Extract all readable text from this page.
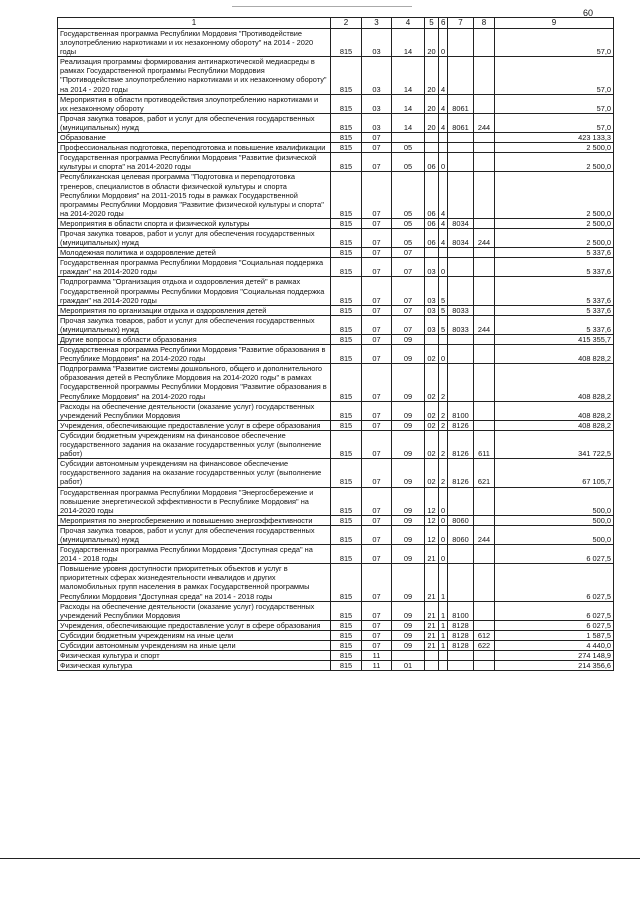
60
1	2	3	4	5	6	7	8	9
Государственная программа Республики Мордовия "Противодействие злоупотреблению наркотиками и их незаконному обороту" на 2014 - 2020 годы	815	03	14	20	0			57,0
Реализация программы формирования антинаркотической медиасреды в рамках Государственной программы Республики Мордовия "Противодействие злоупотреблению наркотиками и их незаконному обороту" на 2014 - 2020 годы	815	03	14	20	4			57,0
Мероприятия в области противодействия злоупотреблению наркотиками и их незаконному обороту	815	03	14	20	4	8061		57,0
Прочая закупка товаров, работ и услуг для обеспечения государственных (муниципальных) нужд	815	03	14	20	4	8061	244	57,0
Образование	815	07						423 133,3
Профессиональная подготовка, переподготовка и повышение квалификации	815	07	05					2 500,0
Государственная программа Республики Мордовия "Развитие физической культуры и спорта" на 2014-2020 годы	815	07	05	06	0			2 500,0
Республиканская целевая программа "Подготовка и переподготовка тренеров, специалистов в области физической культуры и спорта Республики Мордовия" на 2011-2015 годы в рамках Государственной программы Республики Мордовия "Развитие физической культуры и спорта" на 2014-2020 годы	815	07	05	06	4			2 500,0
Мероприятия в области спорта и физической культуры	815	07	05	06	4	8034		2 500,0
Прочая закупка товаров, работ и услуг для обеспечения государственных (муниципальных) нужд	815	07	05	06	4	8034	244	2 500,0
Молодежная политика и оздоровление детей	815	07	07					5 337,6
Государственная программа Республики Мордовия "Социальная поддержка граждан" на 2014-2020 годы	815	07	07	03	0			5 337,6
Подпрограмма "Организация отдыха и оздоровления детей" в рамках Государственной программы Республики Мордовия "Социальная поддержка граждан" на 2014-2020 годы	815	07	07	03	5			5 337,6
Мероприятия по организации отдыха и оздоровления детей	815	07	07	03	5	8033		5 337,6
Прочая закупка товаров, работ и услуг для обеспечения государственных (муниципальных) нужд	815	07	07	03	5	8033	244	5 337,6
Другие вопросы в области образования	815	07	09					415 355,7
Государственная программа Республики Мордовия "Развитие образования в Республике Мордовия" на 2014-2020 годы	815	07	09	02	0			408 828,2
Подпрограмма "Развитие системы дошкольного, общего и дополнительного образования детей в Республике Мордовия на 2014-2020 годы" в рамках Государственной программы Республики Мордовия "Развитие образования в Республике Мордовия" на 2014-2020 годы	815	07	09	02	2			408 828,2
Расходы на обеспечение деятельности (оказание услуг) государственных учреждений Республики Мордовия	815	07	09	02	2	8100		408 828,2
Учреждения, обеспечивающие предоставление услуг в сфере образования	815	07	09	02	2	8126		408 828,2
Субсидии бюджетным учреждениям на финансовое обеспечение государственного задания на оказание государственных услуг (выполнение работ)	815	07	09	02	2	8126	611	341 722,5
Субсидии автономным учреждениям на финансовое обеспечение государственного задания на оказание государственных услуг (выполнение работ)	815	07	09	02	2	8126	621	67 105,7
Государственная программа Республики Мордовия "Энергосбережение и повышение энергетической эффективности в Республике Мордовия" на 2014-2020 годы	815	07	09	12	0			500,0
Мероприятия по энергосбережению и повышению энергоэффективности	815	07	09	12	0	8060		500,0
Прочая закупка товаров, работ и услуг для обеспечения государственных (муниципальных) нужд	815	07	09	12	0	8060	244	500,0
Государственная программа Республики Мордовия "Доступная среда" на 2014 - 2018 годы	815	07	09	21	0			6 027,5
Повышение уровня доступности приоритетных объектов и услуг в приоритетных сферах жизнедеятельности инвалидов и других маломобильных групп населения в рамках Государственной программы Республики Мордовия "Доступная среда" на 2014 - 2018 годы	815	07	09	21	1			6 027,5
Расходы на обеспечение деятельности (оказание услуг) государственных учреждений Республики Мордовия	815	07	09	21	1	8100		6 027,5
Учреждения, обеспечивающие предоставление услуг в сфере образования	815	07	09	21	1	8128		6 027,5
Субсидии бюджетным учреждениям на иные цели	815	07	09	21	1	8128	612	1 587,5
Субсидии автономным учреждениям на иные цели	815	07	09	21	1	8128	622	4 440,0
Физическая культура и спорт	815	11						274 148,9
Физическая культура	815	11	01					214 356,6
